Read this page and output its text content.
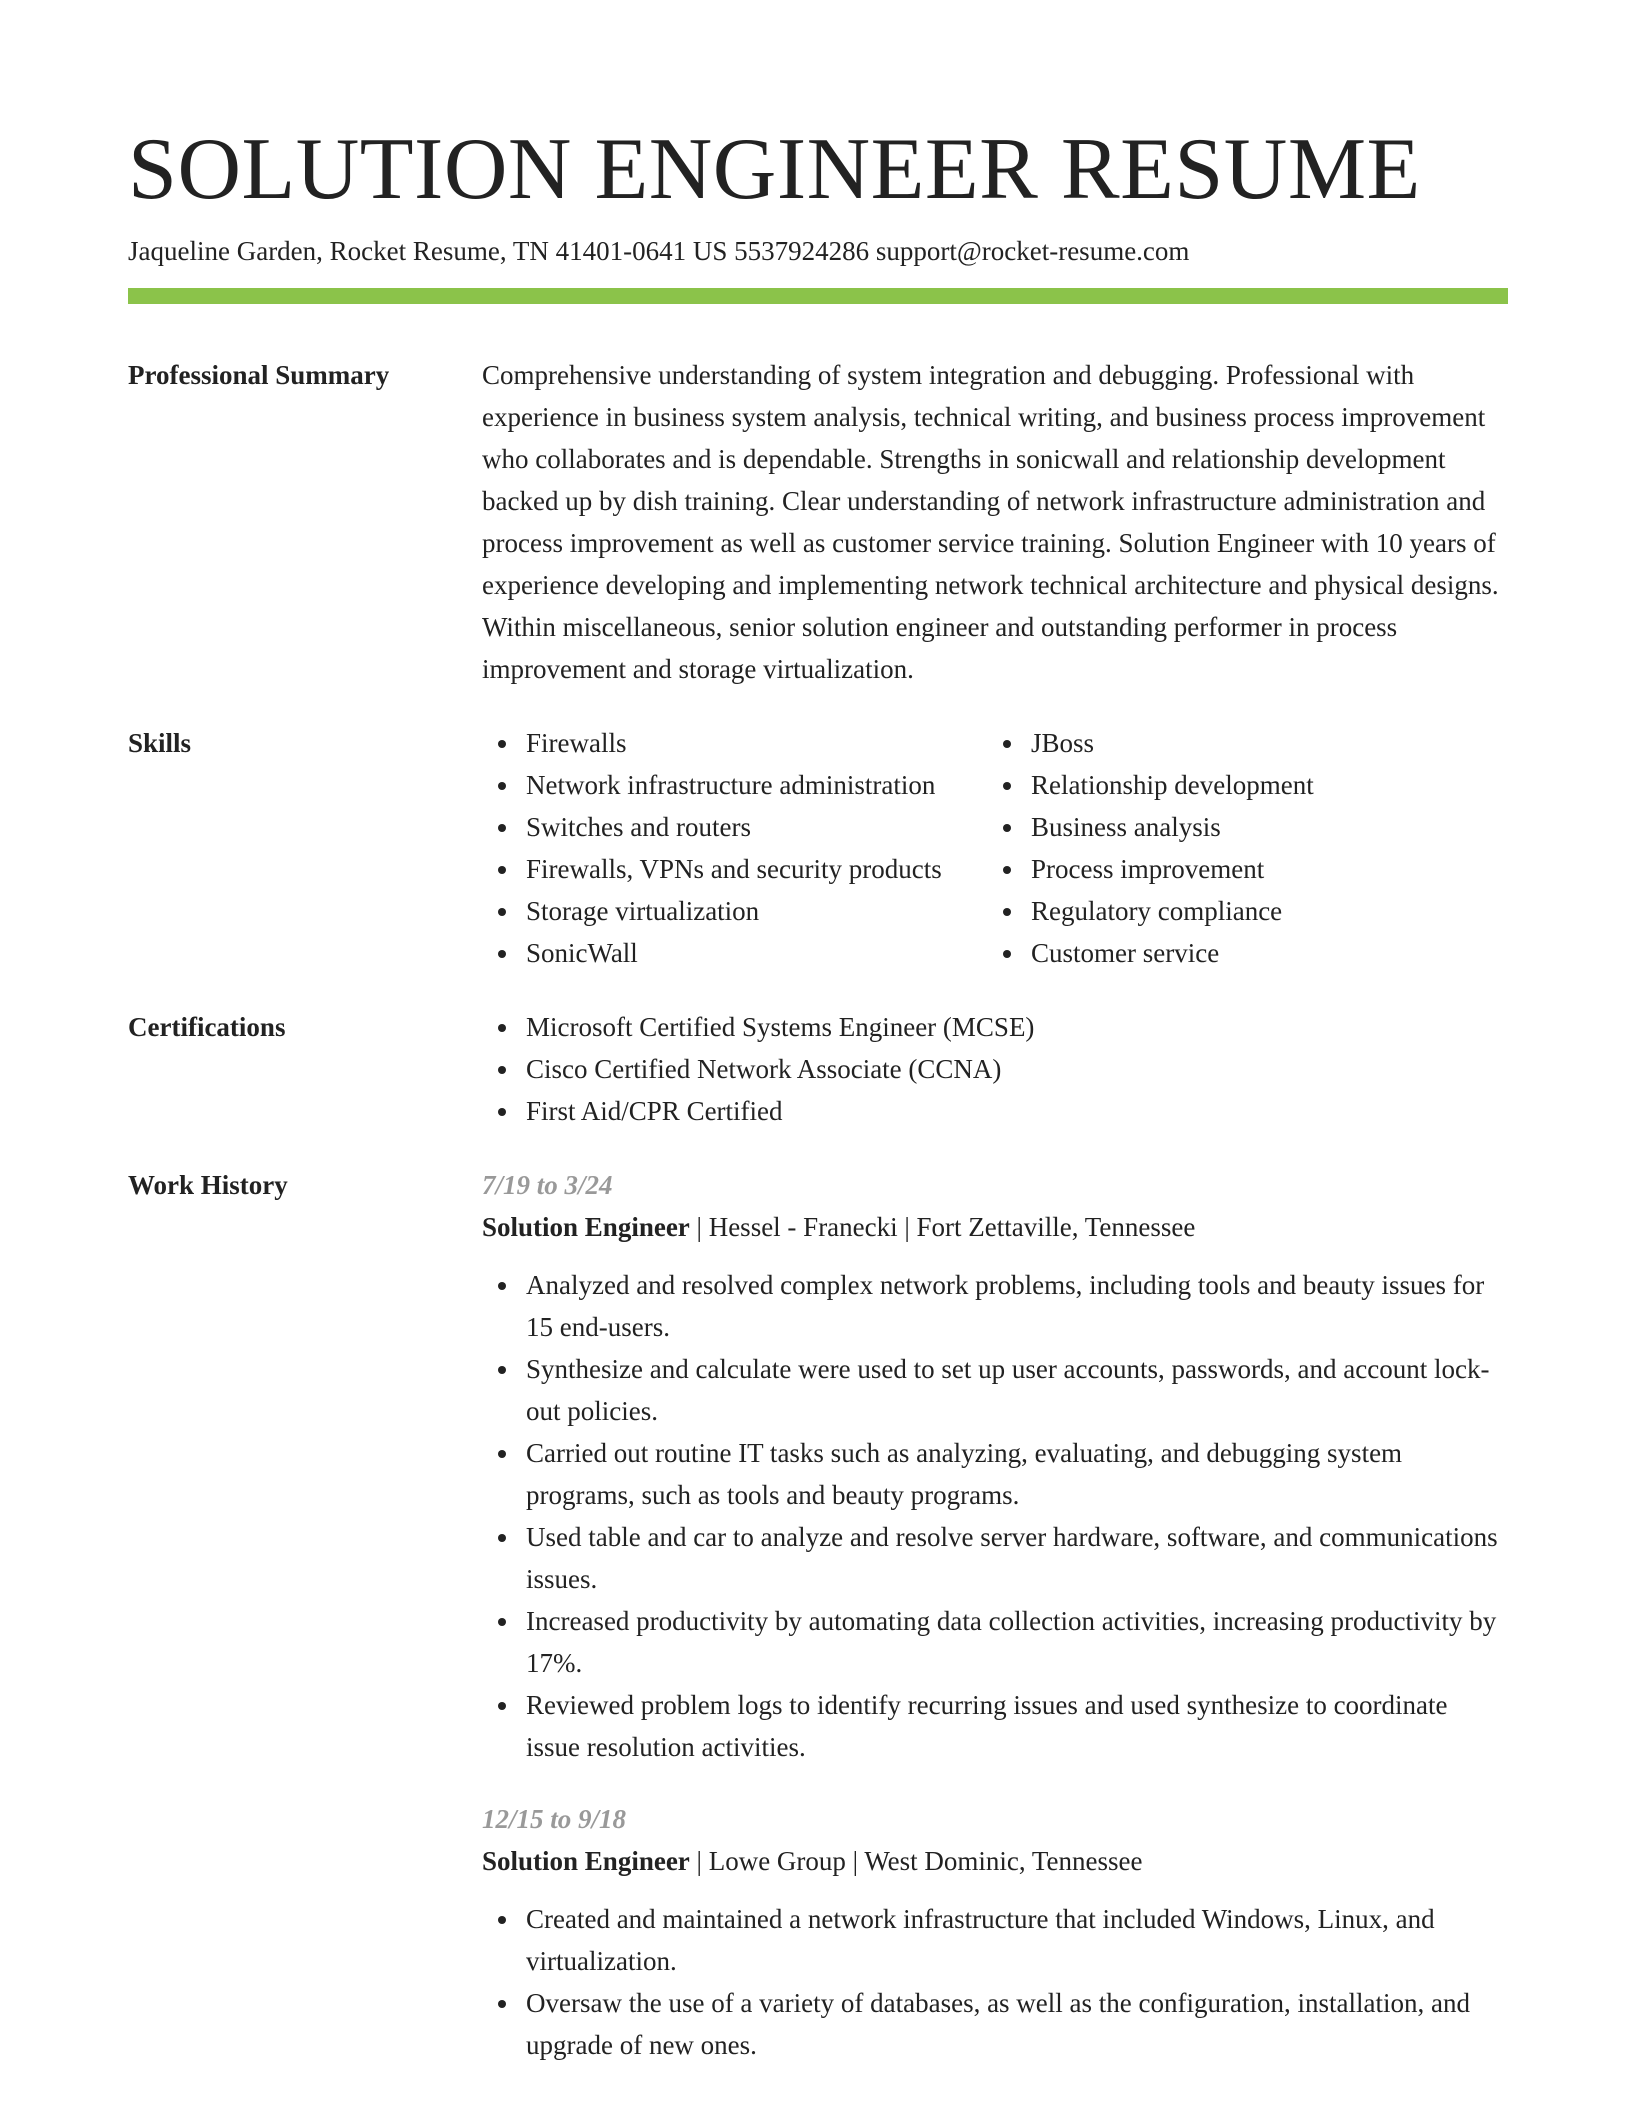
SOLUTION ENGINEER RESUME
Jaqueline Garden, Rocket Resume, TN 41401-0641 US 5537924286 support@rocket-resume.com
Professional Summary	Comprehensive understanding of system integration and debugging. Professional with experience in business system analysis, technical writing, and business process improvement who collaborates and is dependable. Strengths in sonicwall and relationship development backed up by dish training. Clear understanding of network infrastructure administration and process improvement as well as customer service training. Solution Engineer with 10 years of experience developing and implementing network technical architecture and physical designs. Within miscellaneous, senior solution engineer and outstanding performer in process improvement and storage virtualization.
Skills	Firewalls
Network infrastructure administration
Switches and routers
Firewalls, VPNs and security products
Storage virtualization
SonicWall
JBoss
Relationship development
Business analysis
Process improvement
Regulatory compliance
Customer service
Certifications	Microsoft Certified Systems Engineer (MCSE)
Cisco Certified Network Associate (CCNA)
First Aid/CPR Certified
Work History	7/19 to 3/24
Solution Engineer | Hessel - Franecki | Fort Zettaville, Tennessee
Analyzed and resolved complex network problems, including tools and beauty issues for 15 end-users.
Synthesize and calculate were used to set up user accounts, passwords, and account lock-out policies.
Carried out routine IT tasks such as analyzing, evaluating, and debugging system programs, such as tools and beauty programs.
Used table and car to analyze and resolve server hardware, software, and communications issues.
Increased productivity by automating data collection activities, increasing productivity by 17%.
Reviewed problem logs to identify recurring issues and used synthesize to coordinate issue resolution activities.
12/15 to 9/18
Solution Engineer | Lowe Group | West Dominic, Tennessee
Created and maintained a network infrastructure that included Windows, Linux, and virtualization.
Oversaw the use of a variety of databases, as well as the configuration, installation, and upgrade of new ones.
